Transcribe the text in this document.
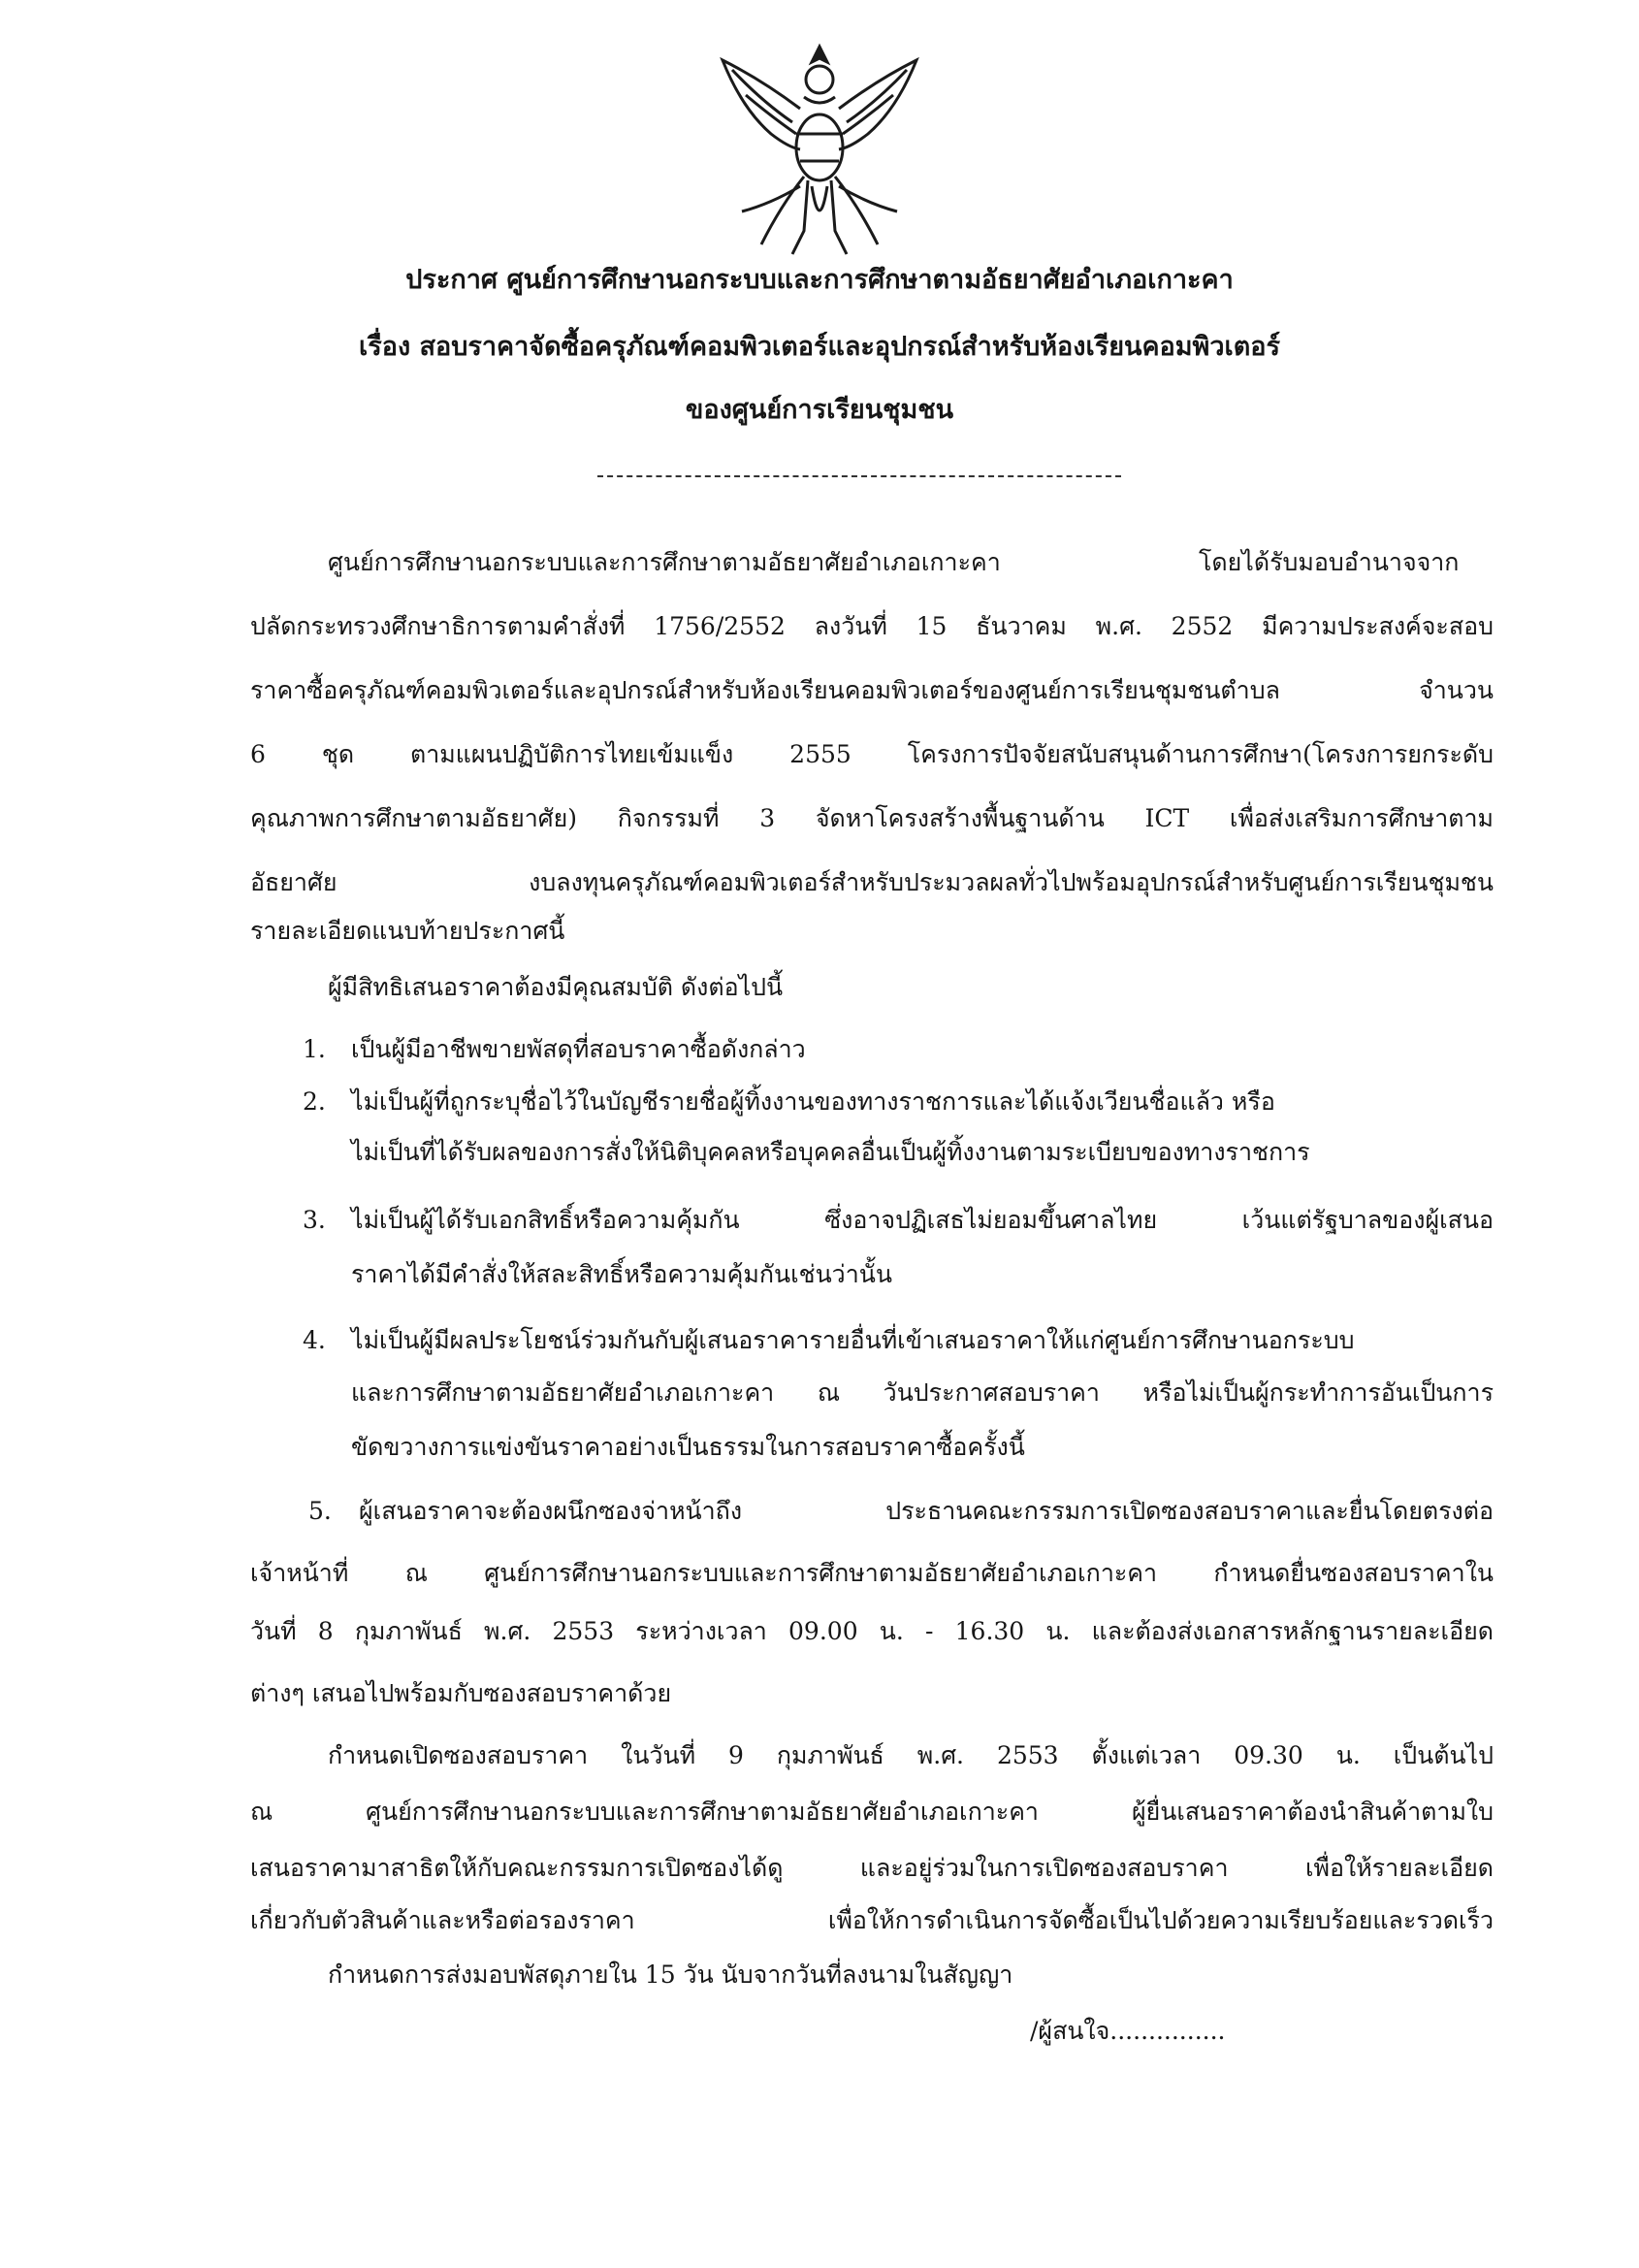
ประกาศ ศูนย์การศึกษานอกระบบและการศึกษาตามอัธยาศัยอำเภอเกาะคา
เรื่อง สอบราคาจัดซื้อครุภัณฑ์คอมพิวเตอร์และอุปกรณ์สำหรับห้องเรียนคอมพิวเตอร์
ของศูนย์การเรียนชุมชน
ศูนย์การศึกษานอกระบบและการศึกษาตามอัธยาศัยอำเภอเกาะคา	โดยได้รับมอบอำนาจจาก
ปลัดกระทรวงศึกษาธิการตามคำสั่งที่ 1756/2552 ลงวันที่ 15 ธันวาคม พ.ศ. 2552 มีความประสงค์จะสอบ
ราคาซื้อครุภัณฑ์คอมพิวเตอร์และอุปกรณ์สำหรับห้องเรียนคอมพิวเตอร์ของศูนย์การเรียนชุมชนตำบล จำนวน
6 ชุด ตามแผนปฏิบัติการไทยเข้มแข็ง 2555 โครงการปัจจัยสนับสนุนด้านการศึกษา(โครงการยกระดับ
คุณภาพการศึกษาตามอัธยาศัย) กิจกรรมที่ 3 จัดหาโครงสร้างพื้นฐานด้าน ICT เพื่อส่งเสริมการศึกษาตาม
อัธยาศัย งบลงทุนครุภัณฑ์คอมพิวเตอร์สำหรับประมวลผลทั่วไปพร้อมอุปกรณ์สำหรับศูนย์การเรียนชุมชน
รายละเอียดแนบท้ายประกาศนี้
ผู้มีสิทธิเสนอราคาต้องมีคุณสมบัติ ดังต่อไปนี้
1. เป็นผู้มีอาชีพขายพัสดุที่สอบราคาซื้อดังกล่าว
2. ไม่เป็นผู้ที่ถูกระบุชื่อไว้ในบัญชีรายชื่อผู้ทิ้งงานของทางราชการและได้แจ้งเวียนชื่อแล้ว หรือ
ไม่เป็นที่ได้รับผลของการสั่งให้นิติบุคคลหรือบุคคลอื่นเป็นผู้ทิ้งงานตามระเบียบของทางราชการ
3. ไม่เป็นผู้ได้รับเอกสิทธิ์หรือความคุ้มกัน ซึ่งอาจปฏิเสธไม่ยอมขึ้นศาลไทย เว้นแต่รัฐบาลของผู้เสนอ
ราคาได้มีคำสั่งให้สละสิทธิ์หรือความคุ้มกันเช่นว่านั้น
4. ไม่เป็นผู้มีผลประโยชน์ร่วมกันกับผู้เสนอราคารายอื่นที่เข้าเสนอราคาให้แก่ศูนย์การศึกษานอกระบบ
และการศึกษาตามอัธยาศัยอำเภอเกาะคา ณ วันประกาศสอบราคา หรือไม่เป็นผู้กระทำการอันเป็นการ
ขัดขวางการแข่งขันราคาอย่างเป็นธรรมในการสอบราคาซื้อครั้งนี้
5. ผู้เสนอราคาจะต้องผนึกซองจ่าหน้าถึง ประธานคณะกรรมการเปิดซองสอบราคาและยื่นโดยตรงต่อ
เจ้าหน้าที่ ณ ศูนย์การศึกษานอกระบบและการศึกษาตามอัธยาศัยอำเภอเกาะคา กำหนดยื่นซองสอบราคาใน
วันที่ 8 กุมภาพันธ์ พ.ศ. 2553 ระหว่างเวลา 09.00 น. - 16.30 น. และต้องส่งเอกสารหลักฐานรายละเอียด
ต่างๆ เสนอไปพร้อมกับซองสอบราคาด้วย
กำหนดเปิดซองสอบราคา ในวันที่ 9 กุมภาพันธ์ พ.ศ. 2553 ตั้งแต่เวลา 09.30 น. เป็นต้นไป
ณ ศูนย์การศึกษานอกระบบและการศึกษาตามอัธยาศัยอำเภอเกาะคา ผู้ยื่นเสนอราคาต้องนำสินค้าตามใบ
เสนอราคามาสาธิตให้กับคณะกรรมการเปิดซองได้ดู และอยู่ร่วมในการเปิดซองสอบราคา เพื่อให้รายละเอียด
เกี่ยวกับตัวสินค้าและหรือต่อรองราคา เพื่อให้การดำเนินการจัดซื้อเป็นไปด้วยความเรียบร้อยและรวดเร็ว
กำหนดการส่งมอบพัสดุภายใน 15 วัน นับจากวันที่ลงนามในสัญญา
/ผู้สนใจ...............
